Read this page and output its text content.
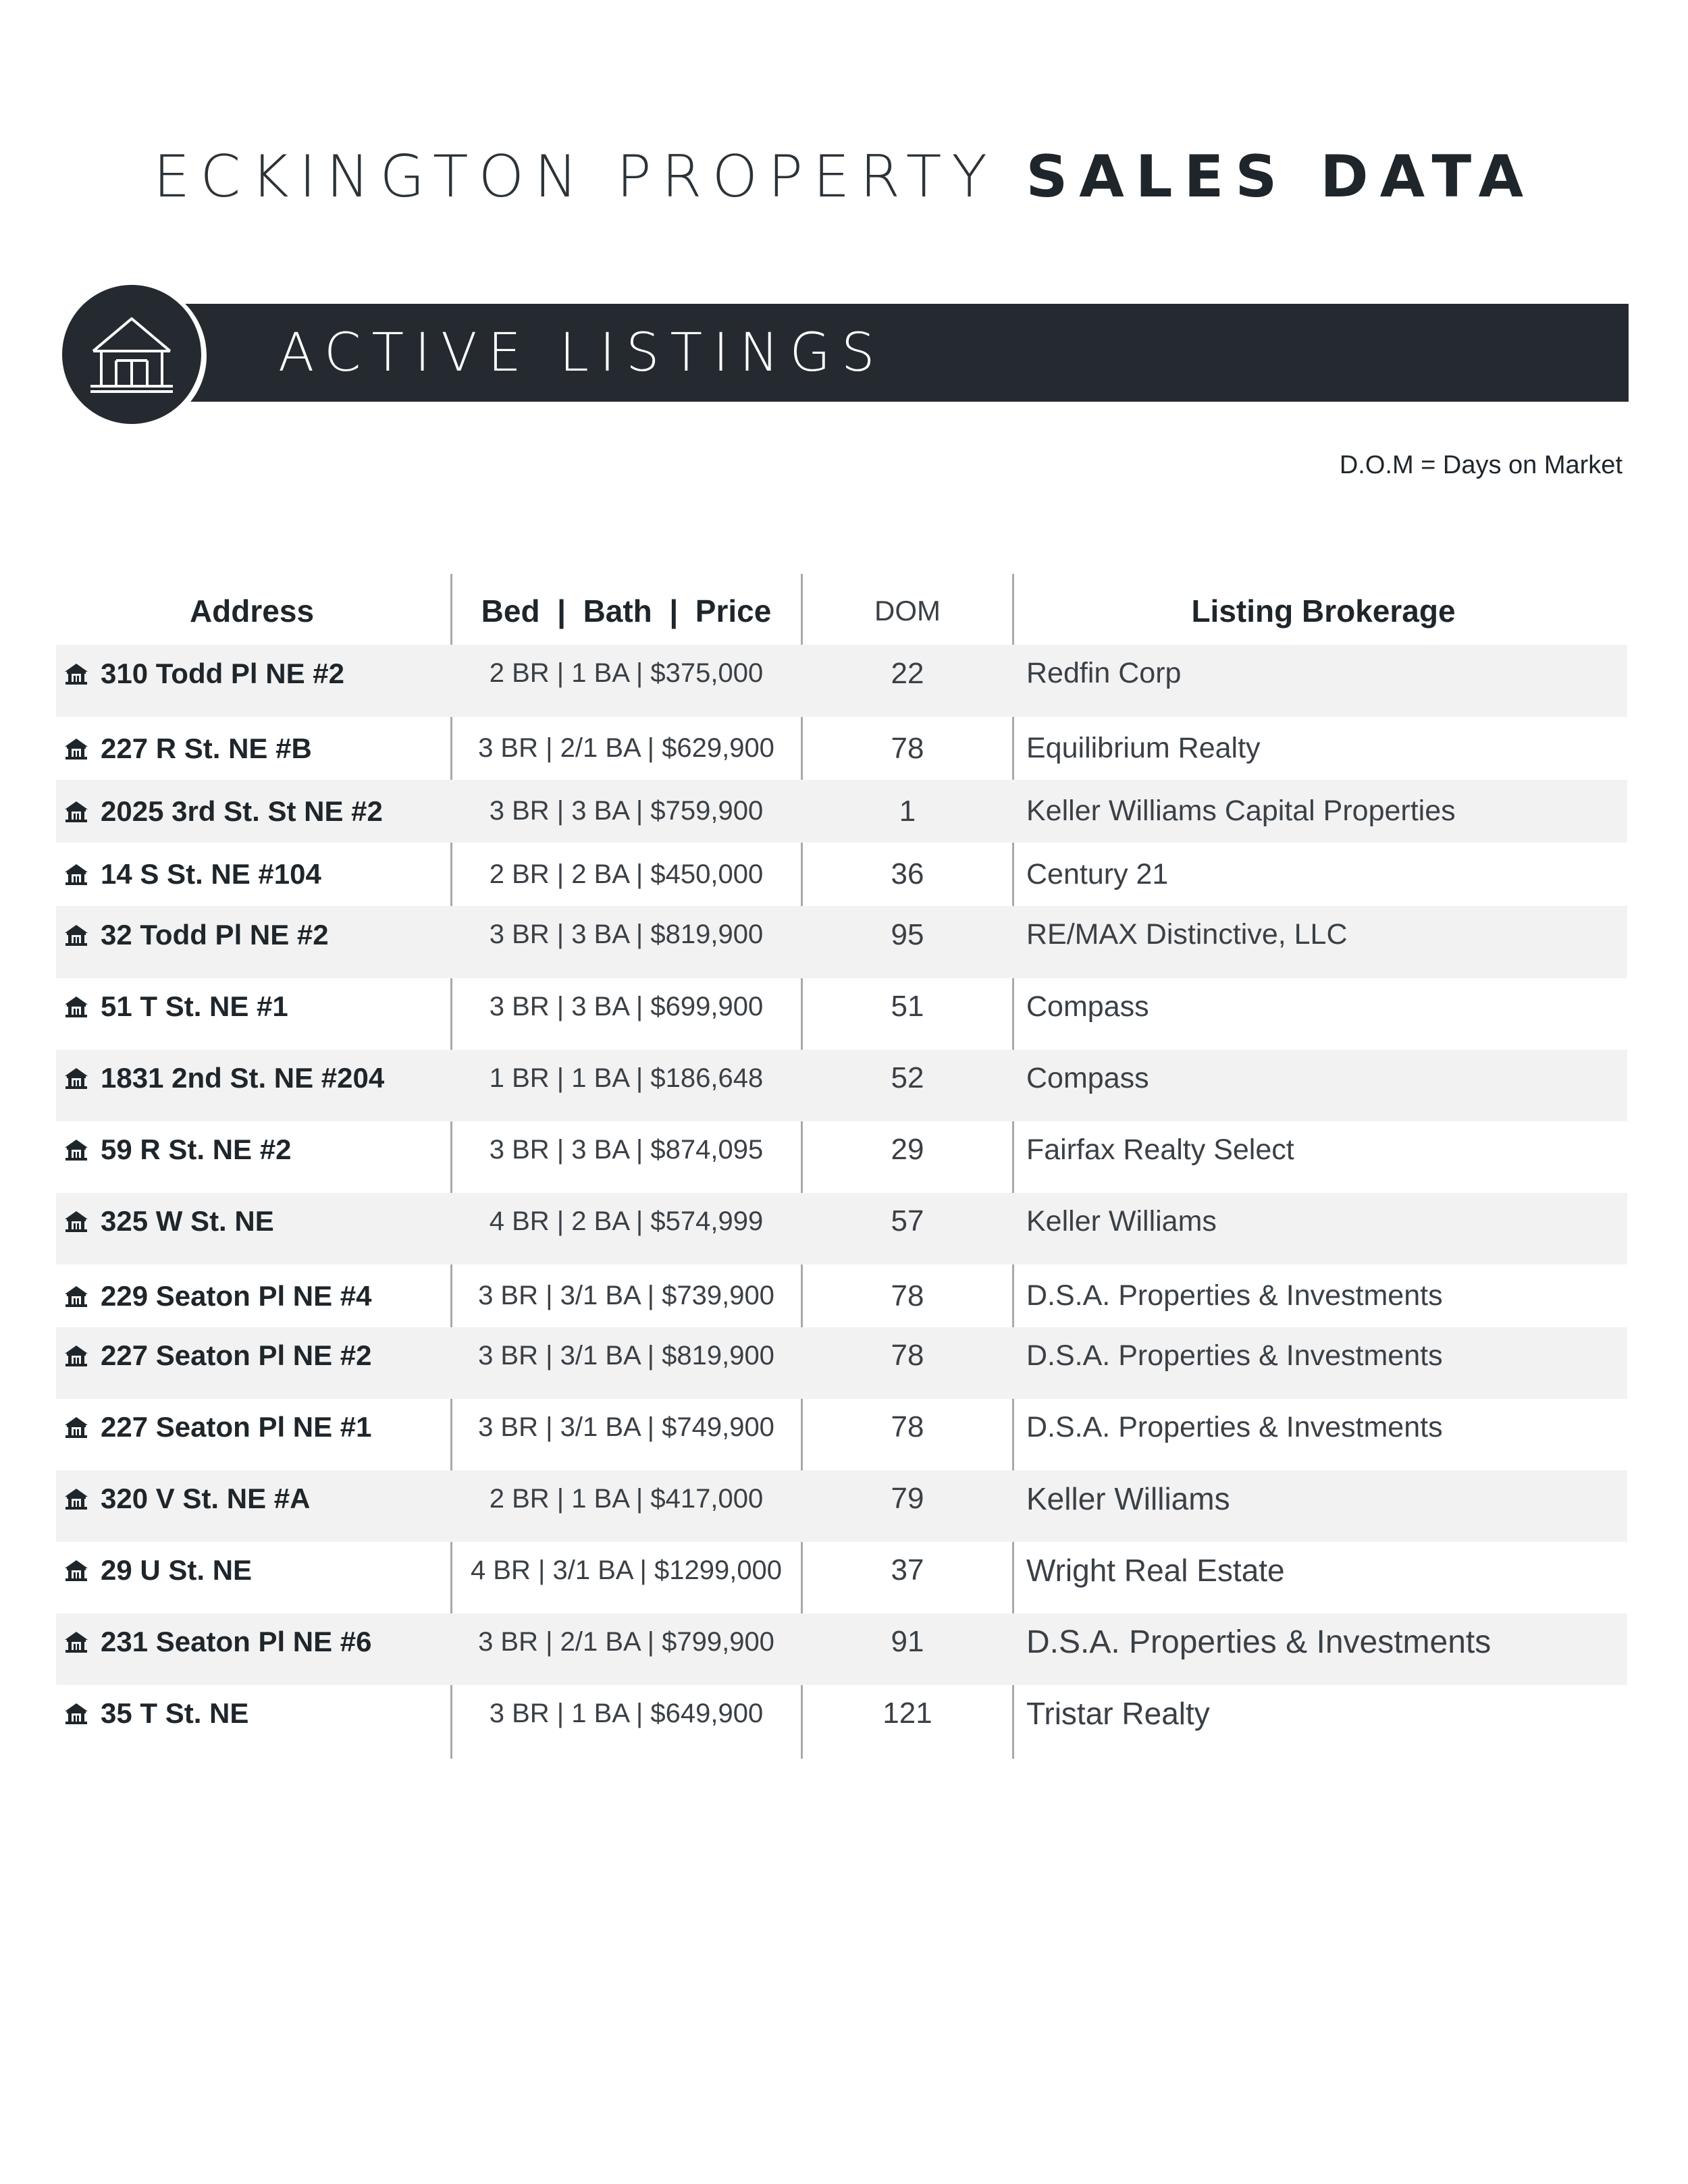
ECKINGTON PROPERTY SALES DATA
ACTIVE LISTINGS
D.O.M = Days on Market
Address	Bed  |  Bath  |  Price	DOM	Listing Brokerage
310 Todd Pl NE #2	2 BR | 1 BA | $375,000	22	Redfin Corp
227 R St. NE #B	3 BR | 2/1 BA | $629,900	78	Equilibrium Realty
2025 3rd St. St NE #2	3 BR | 3 BA | $759,900	1	Keller Williams Capital Properties
14 S St. NE #104	2 BR | 2 BA | $450,000	36	Century 21
32 Todd Pl NE #2	3 BR | 3 BA | $819,900	95	RE/MAX Distinctive, LLC
51 T St. NE #1	3 BR | 3 BA | $699,900	51	Compass
1831 2nd St. NE #204	1 BR | 1 BA | $186,648	52	Compass
59 R St. NE #2	3 BR | 3 BA | $874,095	29	Fairfax Realty Select
325 W St. NE	4 BR | 2 BA | $574,999	57	Keller Williams
229 Seaton Pl NE #4	3 BR | 3/1 BA | $739,900	78	D.S.A. Properties & Investments
227 Seaton Pl NE #2	3 BR | 3/1 BA | $819,900	78	D.S.A. Properties & Investments
227 Seaton Pl NE #1	3 BR | 3/1 BA | $749,900	78	D.S.A. Properties & Investments
320 V St. NE #A	2 BR | 1 BA | $417,000	79	Keller Williams
29 U St. NE	4 BR | 3/1 BA | $1299,000	37	Wright Real Estate
231 Seaton Pl NE #6	3 BR | 2/1 BA | $799,900	91	D.S.A. Properties & Investments
35 T St. NE	3 BR | 1 BA | $649,900	121	Tristar Realty
